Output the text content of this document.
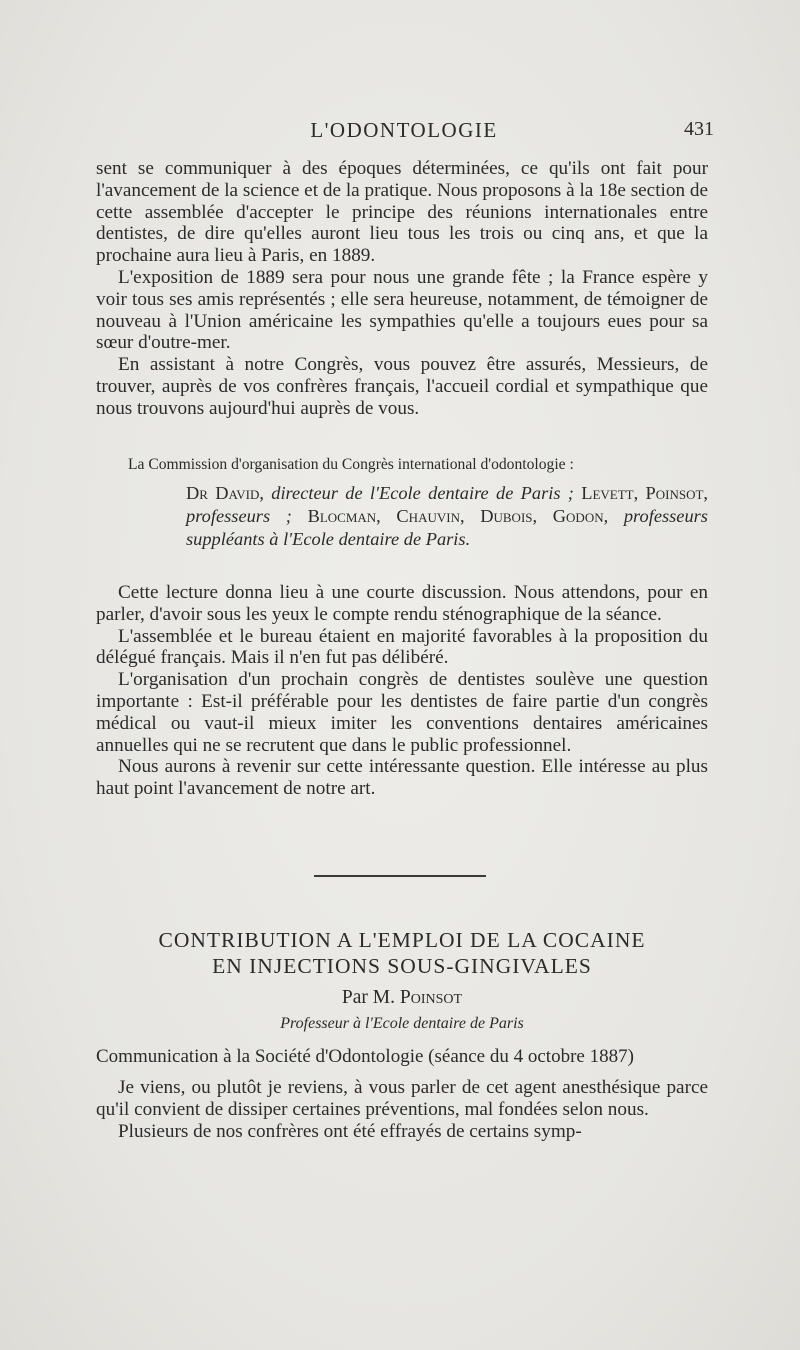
L'ODONTOLOGIE	431

sent se communiquer à des époques déterminées, ce qu'ils ont fait pour l'avancement de la science et de la pratique. Nous proposons à la 18e section de cette assemblée d'accepter le principe des réunions internationales entre dentistes, de dire qu'elles auront lieu tous les trois ou cinq ans, et que la prochaine aura lieu à Paris, en 1889.

L'exposition de 1889 sera pour nous une grande fête ; la France espère y voir tous ses amis représentés ; elle sera heureuse, notamment, de témoigner de nouveau à l'Union américaine les sympathies qu'elle a toujours eues pour sa sœur d'outre-mer.

En assistant à notre Congrès, vous pouvez être assurés, Messieurs, de trouver, auprès de vos confrères français, l'accueil cordial et sympathique que nous trouvons aujourd'hui auprès de vous.

La Commission d'organisation du Congrès international d'odontologie :
Dr David, directeur de l'Ecole dentaire de Paris ; Levett, Poinsot, professeurs ; Blocman, Chauvin, Dubois, Godon, professeurs suppléants à l'Ecole dentaire de Paris.

Cette lecture donna lieu à une courte discussion. Nous attendons, pour en parler, d'avoir sous les yeux le compte rendu sténographique de la séance.

L'assemblée et le bureau étaient en majorité favorables à la proposition du délégué français. Mais il n'en fut pas délibéré.

L'organisation d'un prochain congrès de dentistes soulève une question importante : Est-il préférable pour les dentistes de faire partie d'un congrès médical ou vaut-il mieux imiter les conventions dentaires américaines annuelles qui ne se recrutent que dans le public professionnel.

Nous aurons à revenir sur cette intéressante question. Elle intéresse au plus haut point l'avancement de notre art.

CONTRIBUTION A L'EMPLOI DE LA COCAINE
EN INJECTIONS SOUS-GINGIVALES
Par M. Poinsot
Professeur à l'Ecole dentaire de Paris
Communication à la Société d'Odontologie (séance du 4 octobre 1887)

Je viens, ou plutôt je reviens, à vous parler de cet agent anesthésique parce qu'il convient de dissiper certaines préventions, mal fondées selon nous.

Plusieurs de nos confrères ont été effrayés de certains symp-
